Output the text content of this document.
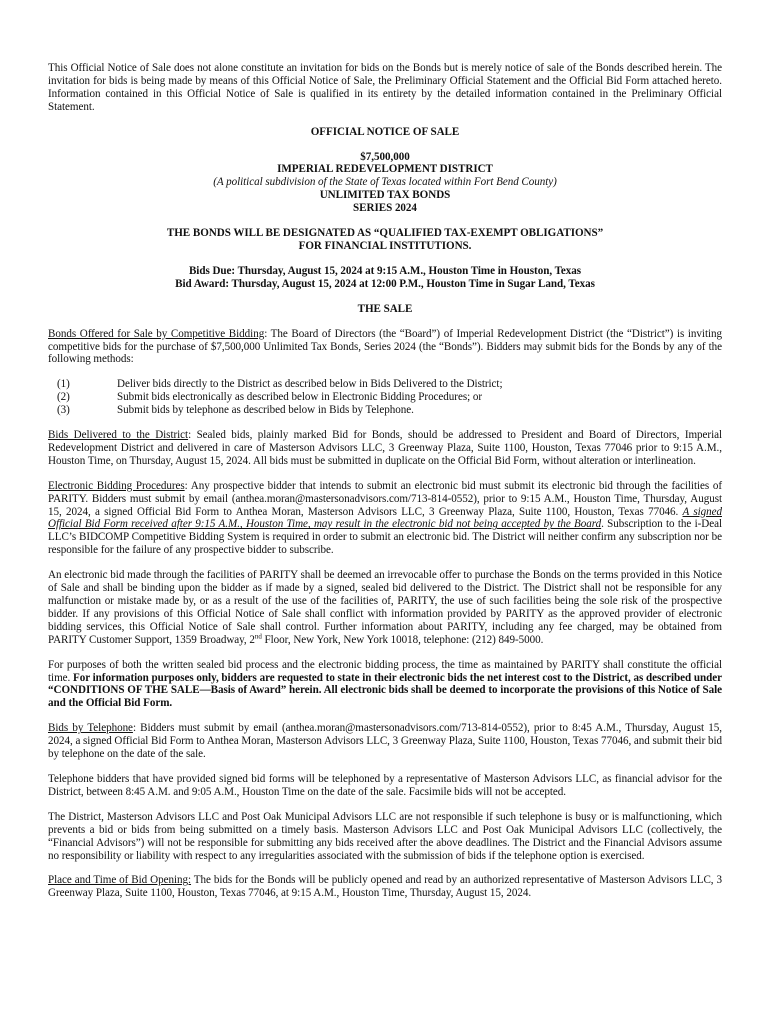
This Official Notice of Sale does not alone constitute an invitation for bids on the Bonds but is merely notice of sale of the Bonds described herein. The invitation for bids is being made by means of this Official Notice of Sale, the Preliminary Official Statement and the Official Bid Form attached hereto. Information contained in this Official Notice of Sale is qualified in its entirety by the detailed information contained in the Preliminary Official Statement.

OFFICIAL NOTICE OF SALE
$7,500,000
IMPERIAL REDEVELOPMENT DISTRICT
(A political subdivision of the State of Texas located within Fort Bend County)
UNLIMITED TAX BONDS
SERIES 2024
THE BONDS WILL BE DESIGNATED AS “QUALIFIED TAX-EXEMPT OBLIGATIONS”
FOR FINANCIAL INSTITUTIONS.
Bids Due: Thursday, August 15, 2024 at 9:15 A.M., Houston Time in Houston, Texas
Bid Award: Thursday, August 15, 2024 at 12:00 P.M., Houston Time in Sugar Land, Texas
THE SALE

Bonds Offered for Sale by Competitive Bidding: The Board of Directors (the “Board”) of Imperial Redevelopment District (the “District”) is inviting competitive bids for the purchase of $7,500,000 Unlimited Tax Bonds, Series 2024 (the “Bonds”). Bidders may submit bids for the Bonds by any of the following methods:

(1)	Deliver bids directly to the District as described below in Bids Delivered to the District;
(2)	Submit bids electronically as described below in Electronic Bidding Procedures; or
(3)	Submit bids by telephone as described below in Bids by Telephone.

Bids Delivered to the District: Sealed bids, plainly marked Bid for Bonds, should be addressed to President and Board of Directors, Imperial Redevelopment District and delivered in care of Masterson Advisors LLC, 3 Greenway Plaza, Suite 1100, Houston, Texas 77046 prior to 9:15 A.M., Houston Time, on Thursday, August 15, 2024. All bids must be submitted in duplicate on the Official Bid Form, without alteration or interlineation.

Electronic Bidding Procedures: Any prospective bidder that intends to submit an electronic bid must submit its electronic bid through the facilities of PARITY. Bidders must submit by email (anthea.moran@mastersonadvisors.com/713-814-0552), prior to 9:15 A.M., Houston Time, Thursday, August 15, 2024, a signed Official Bid Form to Anthea Moran, Masterson Advisors LLC, 3 Greenway Plaza, Suite 1100, Houston, Texas 77046. A signed Official Bid Form received after 9:15 A.M., Houston Time, may result in the electronic bid not being accepted by the Board. Subscription to the i-Deal LLC’s BIDCOMP Competitive Bidding System is required in order to submit an electronic bid. The District will neither confirm any subscription nor be responsible for the failure of any prospective bidder to subscribe.

An electronic bid made through the facilities of PARITY shall be deemed an irrevocable offer to purchase the Bonds on the terms provided in this Notice of Sale and shall be binding upon the bidder as if made by a signed, sealed bid delivered to the District. The District shall not be responsible for any malfunction or mistake made by, or as a result of the use of the facilities of, PARITY, the use of such facilities being the sole risk of the prospective bidder. If any provisions of this Official Notice of Sale shall conflict with information provided by PARITY as the approved provider of electronic bidding services, this Official Notice of Sale shall control. Further information about PARITY, including any fee charged, may be obtained from PARITY Customer Support, 1359 Broadway, 2nd Floor, New York, New York 10018, telephone: (212) 849-5000.

For purposes of both the written sealed bid process and the electronic bidding process, the time as maintained by PARITY shall constitute the official time. For information purposes only, bidders are requested to state in their electronic bids the net interest cost to the District, as described under “CONDITIONS OF THE SALE—Basis of Award” herein. All electronic bids shall be deemed to incorporate the provisions of this Notice of Sale and the Official Bid Form.

Bids by Telephone: Bidders must submit by email (anthea.moran@mastersonadvisors.com/713-814-0552), prior to 8:45 A.M., Thursday, August 15, 2024, a signed Official Bid Form to Anthea Moran, Masterson Advisors LLC, 3 Greenway Plaza, Suite 1100, Houston, Texas 77046, and submit their bid by telephone on the date of the sale.

Telephone bidders that have provided signed bid forms will be telephoned by a representative of Masterson Advisors LLC, as financial advisor for the District, between 8:45 A.M. and 9:05 A.M., Houston Time on the date of the sale. Facsimile bids will not be accepted.

The District, Masterson Advisors LLC and Post Oak Municipal Advisors LLC are not responsible if such telephone is busy or is malfunctioning, which prevents a bid or bids from being submitted on a timely basis. Masterson Advisors LLC and Post Oak Municipal Advisors LLC (collectively, the “Financial Advisors”) will not be responsible for submitting any bids received after the above deadlines. The District and the Financial Advisors assume no responsibility or liability with respect to any irregularities associated with the submission of bids if the telephone option is exercised.

Place and Time of Bid Opening: The bids for the Bonds will be publicly opened and read by an authorized representative of Masterson Advisors LLC, 3 Greenway Plaza, Suite 1100, Houston, Texas 77046, at 9:15 A.M., Houston Time, Thursday, August 15, 2024.
